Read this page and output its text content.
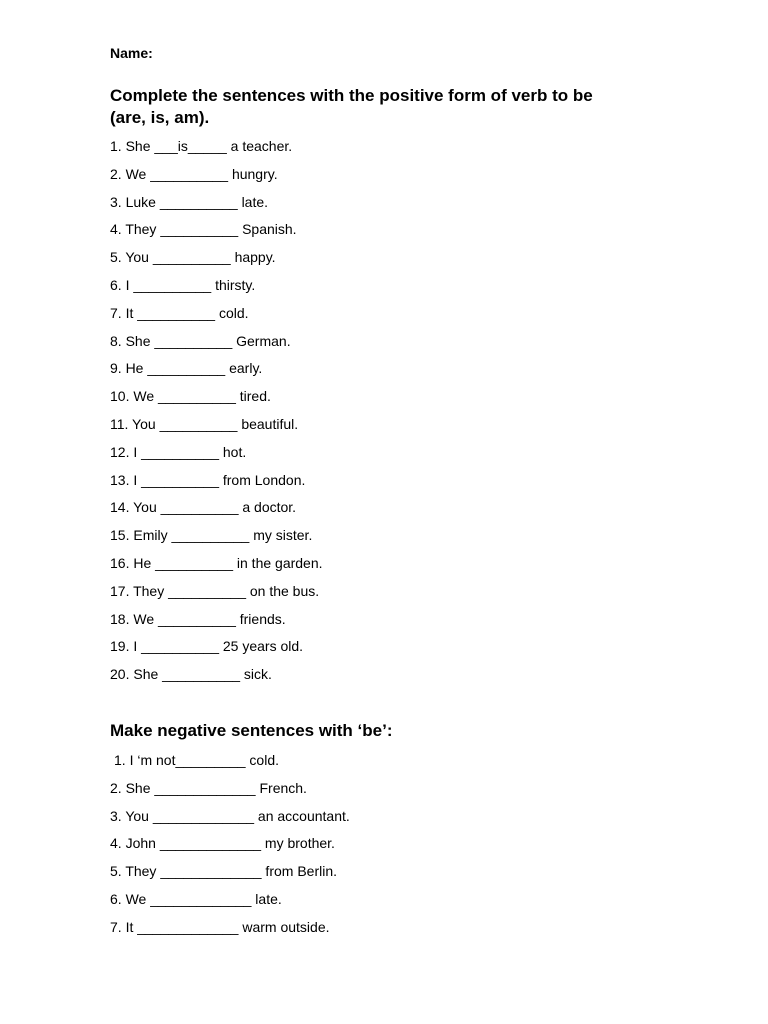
Name:
Complete the sentences with the positive form of verb to be
(are, is, am).
1. She ___is_____ a teacher.
2. We __________ hungry.
3. Luke __________ late.
4. They __________ Spanish.
5. You __________ happy.
6. I __________ thirsty.
7. It __________ cold.
8. She __________ German.
9. He __________ early.
10. We __________ tired.
11. You __________ beautiful.
12. I __________ hot.
13. I __________ from London.
14. You __________ a doctor.
15. Emily __________ my sister.
16. He __________ in the garden.
17. They __________ on the bus.
18. We __________ friends.
19. I __________ 25 years old.
20. She __________ sick.
Make negative sentences with ‘be’:
1. I ‘m not_________ cold.
2. She _____________ French.
3. You _____________ an accountant.
4. John _____________ my brother.
5. They _____________ from Berlin.
6. We _____________ late.
7. It _____________ warm outside.
